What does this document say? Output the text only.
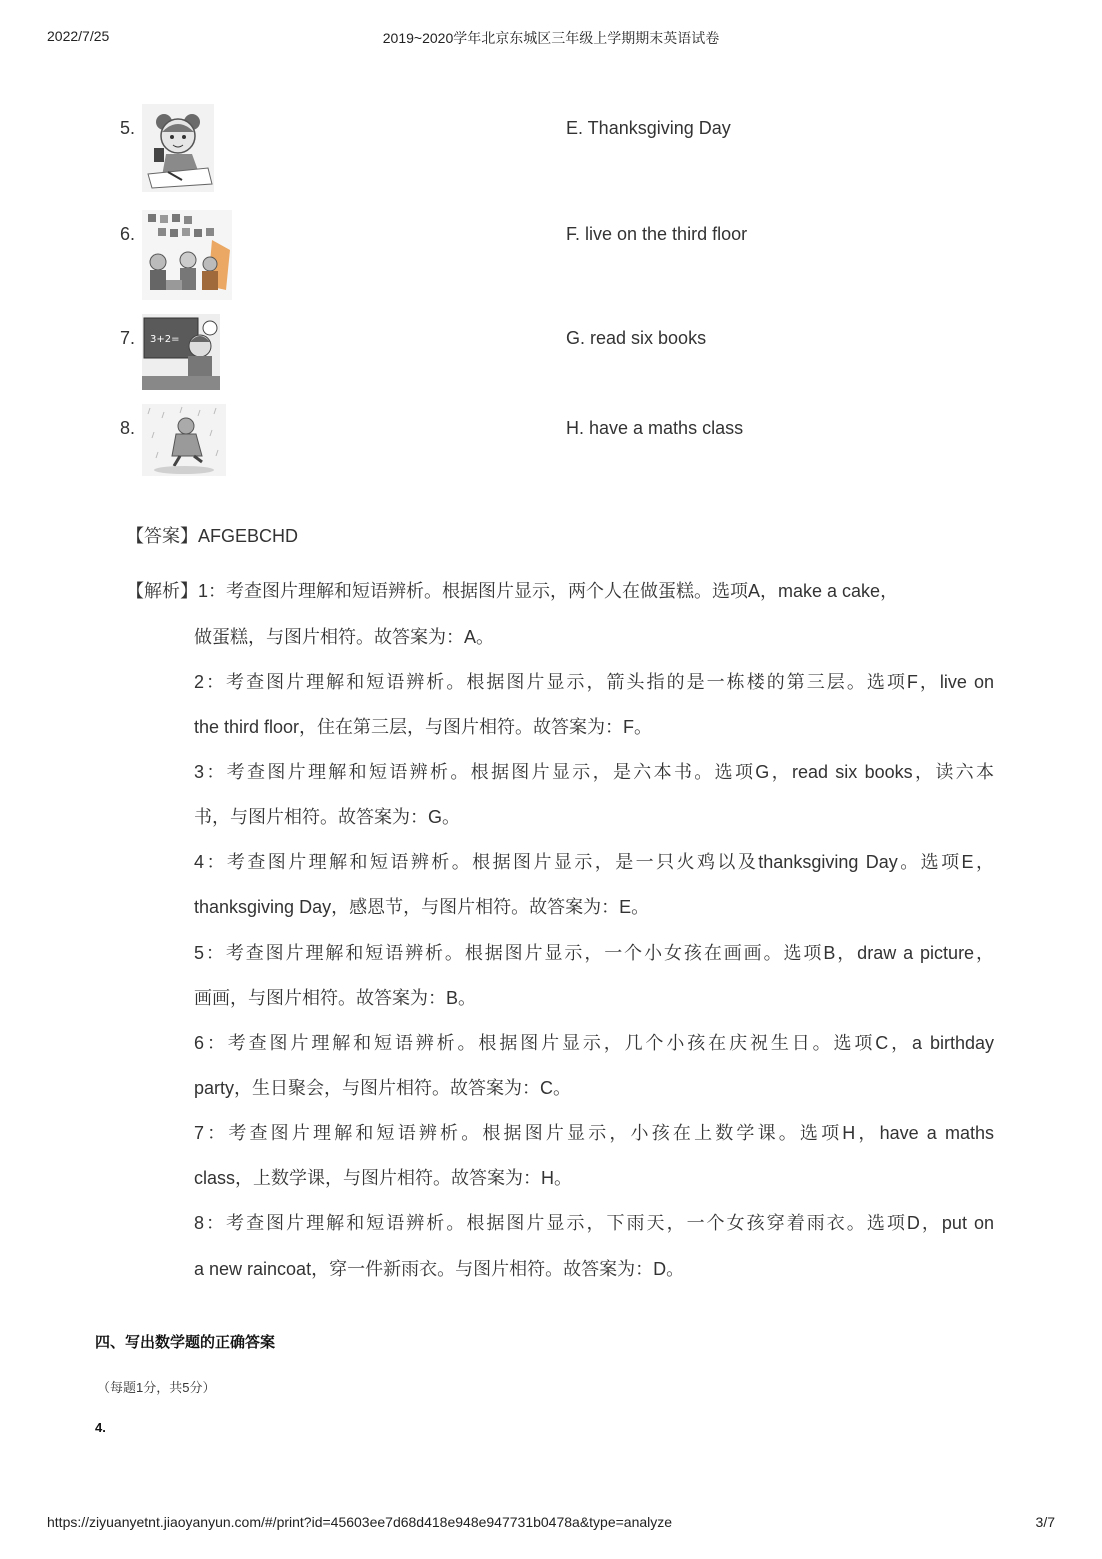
2022/7/25	2019~2020学年北京东城区三年级上学期期末英语试卷
5.	E. Thanksgiving Day
6.	F. live on the third floor
7. 3+2=	G. read six books
8.	H. have a maths class
【答案】AFGEBCHD
【解析】1：考查图片理解和短语辨析。根据图片显示，两个人在做蛋糕。选项A，make a cake，
做蛋糕，与图片相符。故答案为：A。
2：考查图片理解和短语辨析。根据图片显示，箭头指的是一栋楼的第三层。选项F，live on
the third floor，住在第三层，与图片相符。故答案为：F。
3：考查图片理解和短语辨析。根据图片显示，是六本书。选项G，read six books，读六本
书，与图片相符。故答案为：G。
4：考查图片理解和短语辨析。根据图片显示，是一只火鸡以及thanksgiving Day。选项E，
thanksgiving Day，感恩节，与图片相符。故答案为：E。
5：考查图片理解和短语辨析。根据图片显示，一个小女孩在画画。选项B，draw a picture，
画画，与图片相符。故答案为：B。
6：考查图片理解和短语辨析。根据图片显示，几个小孩在庆祝生日。选项C，a birthday
party，生日聚会，与图片相符。故答案为：C。
7：考查图片理解和短语辨析。根据图片显示，小孩在上数学课。选项H，have a maths
class，上数学课，与图片相符。故答案为：H。
8：考查图片理解和短语辨析。根据图片显示，下雨天，一个女孩穿着雨衣。选项D，put on
a new raincoat，穿一件新雨衣。与图片相符。故答案为：D。
四、写出数学题的正确答案
（每题1分，共5分）
4.
https://ziyuanyetnt.jiaoyanyun.com/#/print?id=45603ee7d68d418e948e947731b0478a&type=analyze	3/7
